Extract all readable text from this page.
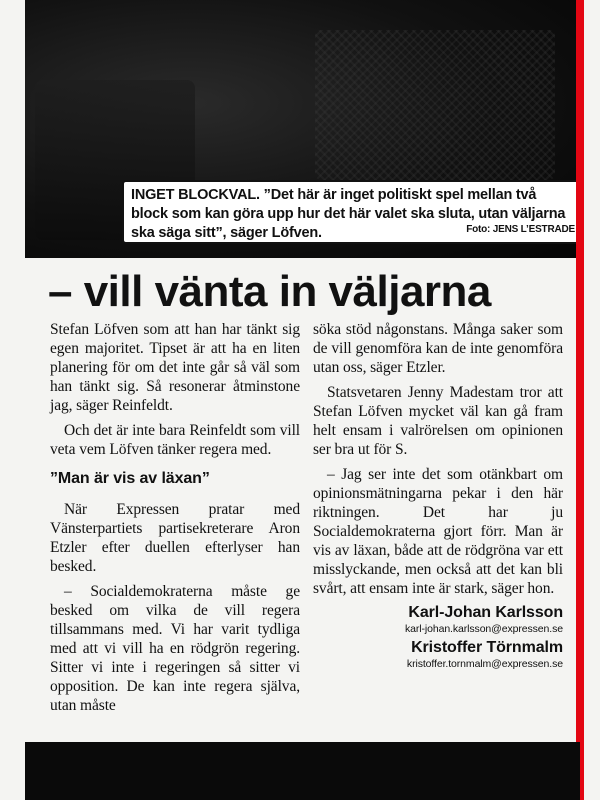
INGET BLOCKVAL. ”Det här är inget politiskt spel mellan två block som kan göra upp hur det här valet ska sluta, utan väljarna ska säga sitt”, säger Löfven.	Foto: JENS L’ESTRADE
– vill vänta in väljarna

Stefan Löfven som att han har tänkt sig egen majoritet. Tipset är att ha en liten planering för om det inte går så väl som han tänkt sig. Så resonerar åtminstone jag, säger Reinfeldt.

Och det är inte bara Reinfeldt som vill veta vem Löfven tänker regera med.

”Man är vis av läxan”

När Expressen pratar med Vänsterpartiets partisekreterare Aron Etzler efter duellen efterlyser han besked.

– Socialdemokraterna måste ge besked om vilka de vill regera tillsammans med. Vi har varit tydliga med att vi vill ha en rödgrön regering. Sitter vi inte i regeringen så sitter vi opposition. De kan inte regera själva, utan måste

söka stöd någonstans. Många saker som de vill genomföra kan de inte genomföra utan oss, säger Etzler.

Statsvetaren Jenny Madestam tror att Stefan Löfven mycket väl kan gå fram helt ensam i valrörelsen om opinionen ser bra ut för S.

– Jag ser inte det som otänkbart om opinionsmätningarna pekar i den här riktningen. Det har ju Socialdemokraterna gjort förr. Man är vis av läxan, både att de rödgröna var ett misslyckande, men också att det kan bli svårt, att ensam inte är stark, säger hon.

Karl-Johan Karlsson
karl-johan.karlsson@expressen.se
Kristoffer Törnmalm
kristoffer.tornmalm@expressen.se
